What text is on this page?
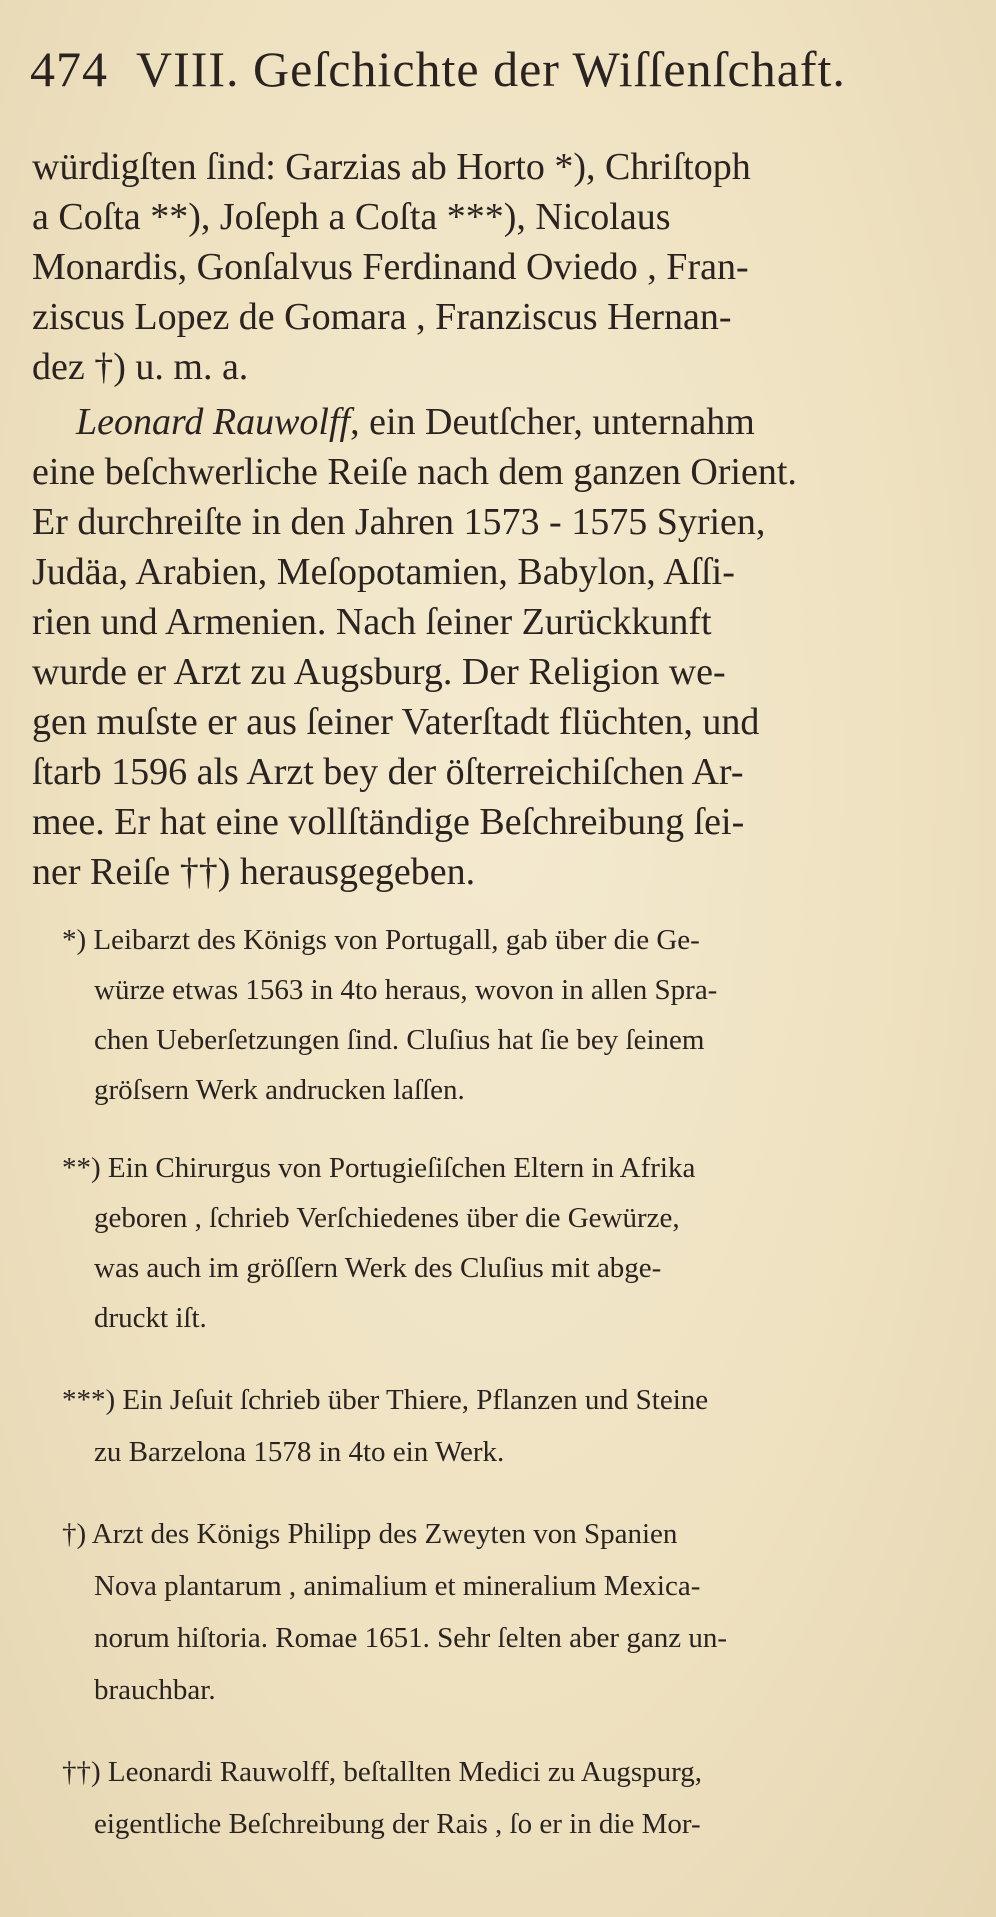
474 VIII. Geſchichte der Wiſſenſchaft.
würdigſten ſind: Garzias ab Horto *), Chriſtoph
a Coſta **), Joſeph a Coſta ***), Nicolaus
Monardis, Gonſalvus Ferdinand Oviedo , Fran-
ziscus Lopez de Gomara , Franziscus Hernan-
dez †) u. m. a.
Leonard Rauwolff, ein Deutſcher, unternahm
eine beſchwerliche Reiſe nach dem ganzen Orient.
Er durchreiſte in den Jahren 1573 - 1575 Syrien,
Judäa, Arabien, Meſopotamien, Babylon, Aſſi-
rien und Armenien. Nach ſeiner Zurückkunft
wurde er Arzt zu Augsburg. Der Religion we-
gen muſste er aus ſeiner Vaterſtadt flüchten, und
ſtarb 1596 als Arzt bey der öſterreichiſchen Ar-
mee. Er hat eine vollſtändige Beſchreibung ſei-
ner Reiſe ††) herausgegeben.
*) Leibarzt des Königs von Portugall, gab über die Ge-
würze etwas 1563 in 4to heraus, wovon in allen Spra-
chen Ueberſetzungen ſind. Cluſius hat ſie bey ſeinem
gröſsern Werk andrucken laſſen.
**) Ein Chirurgus von Portugieſiſchen Eltern in Afrika
geboren , ſchrieb Verſchiedenes über die Gewürze,
was auch im gröſſern Werk des Cluſius mit abge-
druckt iſt.
***) Ein Jeſuit ſchrieb über Thiere, Pflanzen und Steine
zu Barzelona 1578 in 4to ein Werk.
†) Arzt des Königs Philipp des Zweyten von Spanien
Nova plantarum , animalium et mineralium Mexica-
norum hiſtoria. Romae 1651. Sehr ſelten aber ganz un-
brauchbar.
††) Leonardi Rauwolff, beſtallten Medici zu Augspurg,
eigentliche Beſchreibung der Rais , ſo er in die Mor-
